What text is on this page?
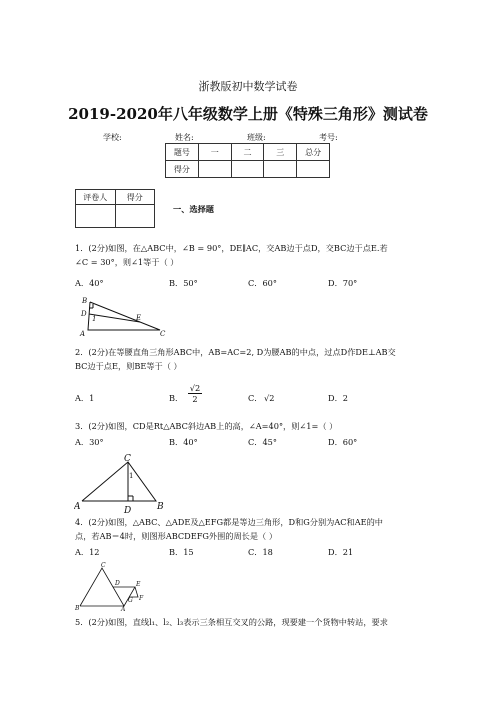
浙教版初中数学试卷
2019-2020年八年级数学上册《特殊三角形》测试卷
学校:	姓名:	班级:	考号:
题号	一	二	三	总分
得分				
评卷人	得分

一、选择题
1．(2分)如图，在△ABC中，∠B = 90°，DE∥AC，交AB边于点D，交BC边于点E.若
∠C = 30°，则∠1等于（ ）
A．40°	B．50°	C．60°	D．70°
B
D	E
A	C
1
2．(2分)在等腰直角三角形ABC中，AB=AC=2, D为腰AB的中点，过点D作DE⊥AB交
BC边于点E，则BE等于（ ）
A．1	B． $\frac{√2}{2}$	C． √2	D．2
3．(2分)如图，CD是Rt△ABC斜边AB上的高，∠A=40°，则∠1=（ ）
A．30°	B．40°	C．45°	D．60°
C
1
A	D	B
4．(2分)如图，△ABC、△ADE及△EFG都是等边三角形，D和G分别为AC和AE的中
点，若AB＝4时，则图形ABCDEFG外围的周长是（ ）
A．12	B．15	C．18	D．21
C
D	E
F
G
B	A
5．(2分)如图，直线l₁、l₂、l₃表示三条相互交叉的公路，现要建一个货物中转站，要求
